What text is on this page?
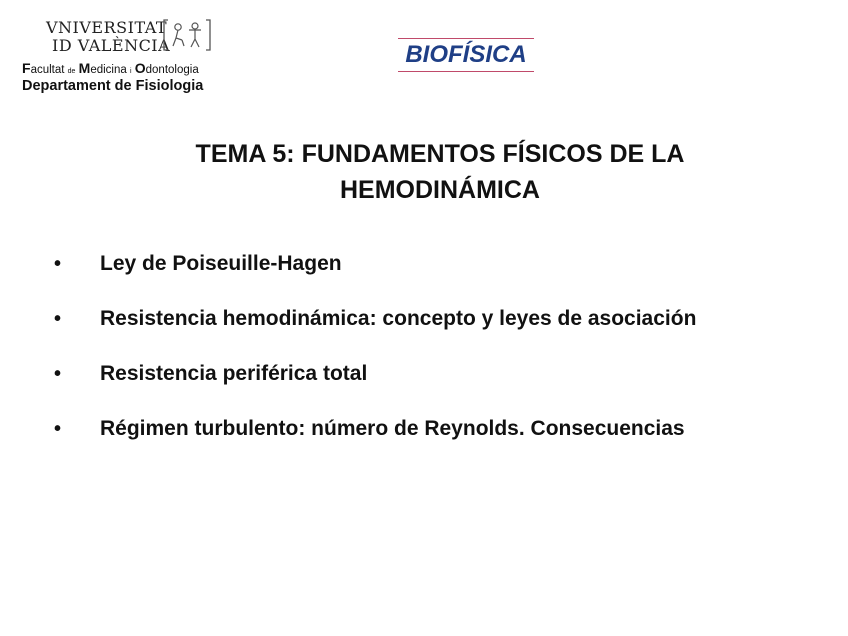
VNIVERSITAT
ID VALÈNCIA
Facultat de Medicina i Odontologia
Departament de Fisiologia
BIOFÍSICA
TEMA 5: FUNDAMENTOS FÍSICOS DE LA
HEMODINÁMICA
•	Ley de Poiseuille-Hagen
•	Resistencia hemodinámica: concepto y leyes de asociación
•	Resistencia periférica total
•	Régimen turbulento: número de Reynolds. Consecuencias
